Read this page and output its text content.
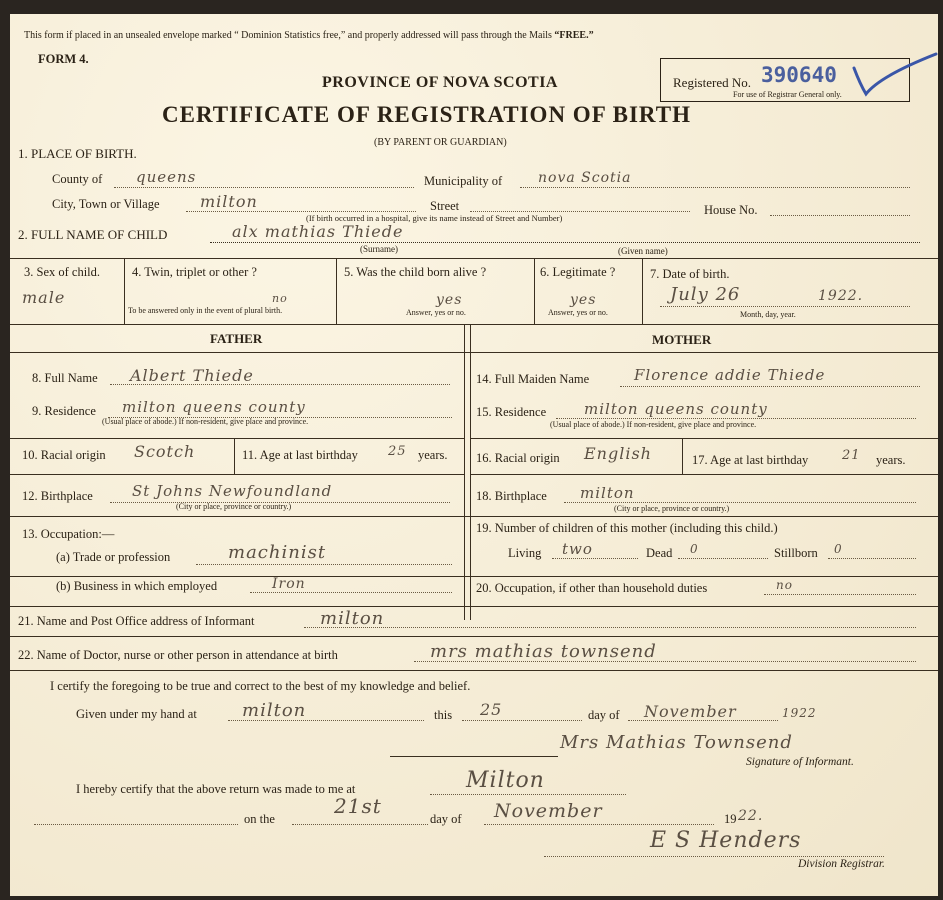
This form if placed in an unsealed envelope marked “ Dominion Statistics free,” and properly addressed will pass through the Mails “FREE.”
FORM 4.
PROVINCE OF NOVA SCOTIA
CERTIFICATE OF REGISTRATION OF BIRTH
(BY PARENT OR GUARDIAN)
Registered No. 390640
For use of Registrar General only.
1. PLACE OF BIRTH.
County of queens	Municipality of	nova Scotia
City, Town or Village	milton	Street
(If birth occurred in a hospital, give its name instead of Street and Number)
House No.
2. FULL NAME OF CHILD	alx mathias Thiede
(Surname)	(Given name)
3. Sex of child.
male
4. Twin, triplet or other ?
no
To be answered only in the event of plural birth.
5. Was the child born alive ?
yes
Answer, yes or no.
6. Legitimate ?
yes
Answer, yes or no.
7. Date of birth.
July 26	1922.
Month, day, year.
FATHER	MOTHER
8. Full Name Albert Thiede
9. Residence milton queens county
(Usual place of abode.) If non-resident, give place and province.
10. Racial origin Scotch	11. Age at last birthday 25 years.
12. Birthplace	St Johns Newfoundland
(City or place, province or country.)
13. Occupation:—
(a) Trade or profession	machinist
(b) Business in which employed	Iron
14. Full Maiden Name	Florence addie Thiede
15. Residence	milton queens county
(Usual place of abode.) If non-resident, give place and province.
16. Racial origin English	17. Age at last birthday	21 years.
18. Birthplace milton
(City or place, province or country.)
19. Number of children of this mother (including this child.)
Living two	Dead 0	Stillborn 0
20. Occupation, if other than household duties	no
21. Name and Post Office address of Informant	milton
22. Name of Doctor, nurse or other person in attendance at birth	mrs mathias townsend
I certify the foregoing to be true and correct to the best of my knowledge and belief.
Given under my hand at	milton	this 25	day of November	1922
Mrs Mathias Townsend
Signature of Informant.
I hereby certify that the above return was made to me at	Milton
on the
21st
day of November	19 22.
E S Henders
Division Registrar.
